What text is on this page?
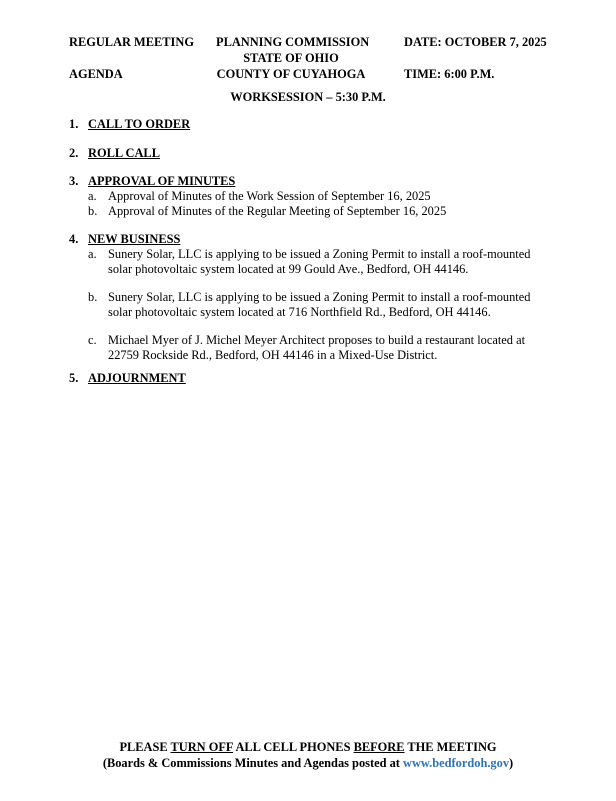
REGULAR MEETING
AGENDA
PLANNING COMMISSION
STATE OF OHIO
COUNTY OF CUYAHOGA
DATE: OCTOBER 7, 2025
TIME: 6:00 P.M.
WORKSESSION – 5:30 P.M.
1. CALL TO ORDER
2. ROLL CALL
3. APPROVAL OF MINUTES
a. Approval of Minutes of the Work Session of September 16, 2025
b. Approval of Minutes of the Regular Meeting of September 16, 2025
4. NEW BUSINESS
a. Sunery Solar, LLC is applying to be issued a Zoning Permit to install a roof-mounted
solar photovoltaic system located at 99 Gould Ave., Bedford, OH 44146.
b. Sunery Solar, LLC is applying to be issued a Zoning Permit to install a roof-mounted
solar photovoltaic system located at 716 Northfield Rd., Bedford, OH 44146.
c. Michael Myer of J. Michel Meyer Architect proposes to build a restaurant located at
22759 Rockside Rd., Bedford, OH 44146 in a Mixed-Use District.
5. ADJOURNMENT
PLEASE TURN OFF ALL CELL PHONES BEFORE THE MEETING
(Boards & Commissions Minutes and Agendas posted at www.bedfordoh.gov)
